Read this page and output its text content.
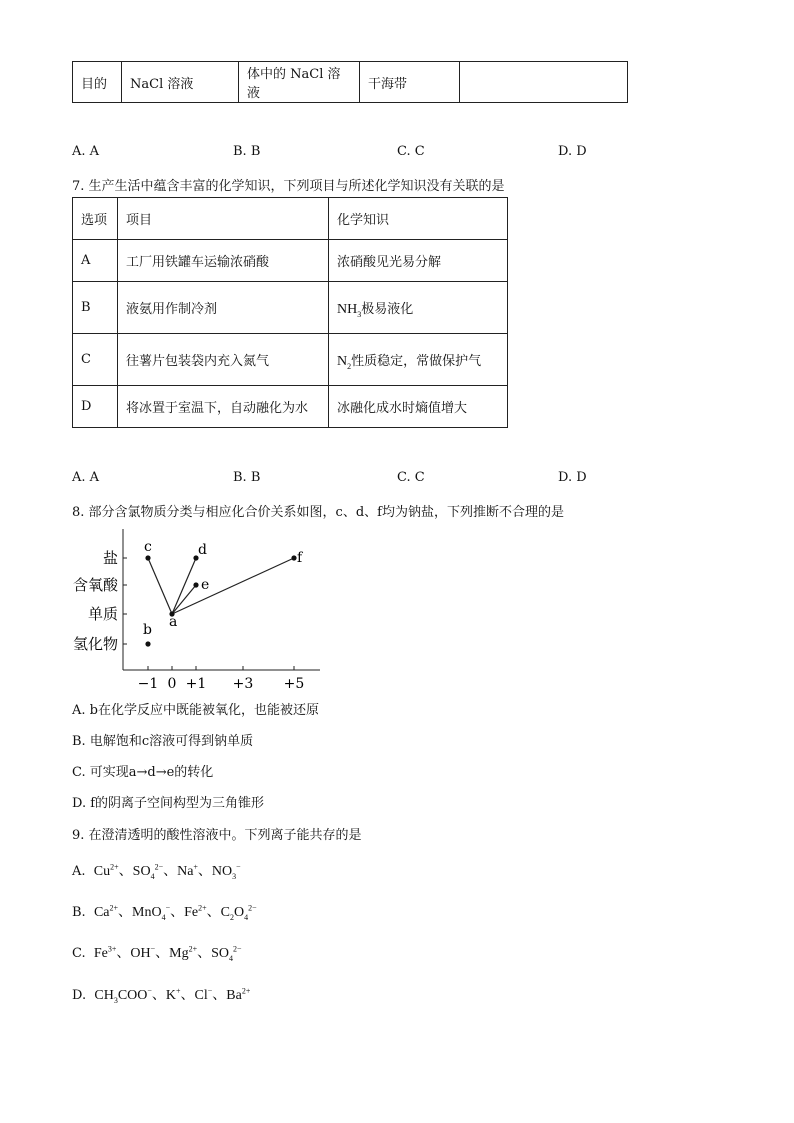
目的	NaCl 溶液	体中的 NaCl 溶液	干海带	
A. A	B. B	C. C	D. D
7. 生产生活中蕴含丰富的化学知识，下列项目与所述化学知识没有关联的是
选项	项目	化学知识
A	工厂用铁罐车运输浓硝酸	浓硝酸见光易分解
B	液氨用作制冷剂	$NH_3$极易液化
C	往薯片包装袋内充入氮气	$N_2$性质稳定，常做保护气
D	将冰置于室温下，自动融化为水	冰融化成水时熵值增大
A. A	B. B	C. C	D. D
8. 部分含氯物质分类与相应化合价关系如图，c、d、f均为钠盐，下列推断不合理的是
氢化物
单质
含氧酸
盐
−1 0 +1 +3 +5
b a
c	d
e
f
A. b在化学反应中既能被氧化，也能被还原
B. 电解饱和c溶液可得到钠单质
C. 可实现a→d→e的转化
D. f的阴离子空间构型为三角锥形
9. 在澄清透明的酸性溶液中。下列离子能共存的是
A. $Cu^{2+}$、$SO_4^{2-}$、Na+、$NO_3^-$
B. $Ca^{2+}$、MnO$_4$−、$Fe^{2+}$、$C_2O_4^{2-}$
C. $Fe^{3+}$、OH−、$Mg^{2+}$、$SO_4^{2-}$
D. $CH_3COO^-$、K+、Cl−、$Ba^{2+}$
